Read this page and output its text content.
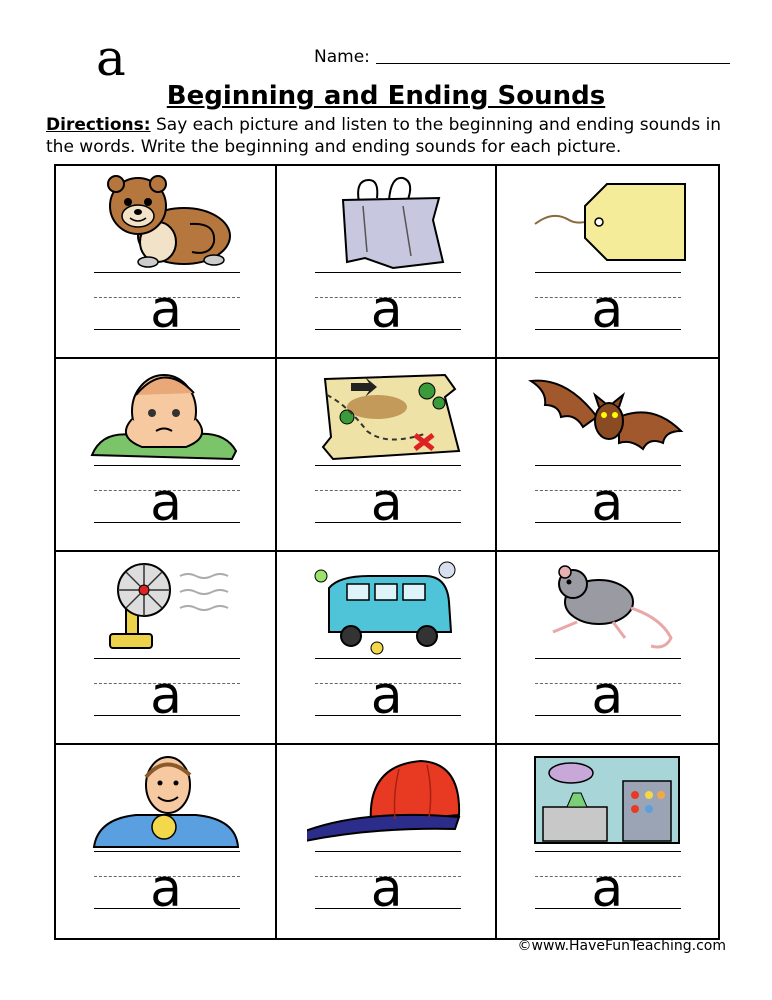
a	Name:
Beginning and Ending Sounds
Directions: Say each picture and listen to the beginning and ending sounds in the words. Write the beginning and ending sounds for each picture.
a	a	a
a	a	a
a	a	a
a	a	a
©www.HaveFunTeaching.com
